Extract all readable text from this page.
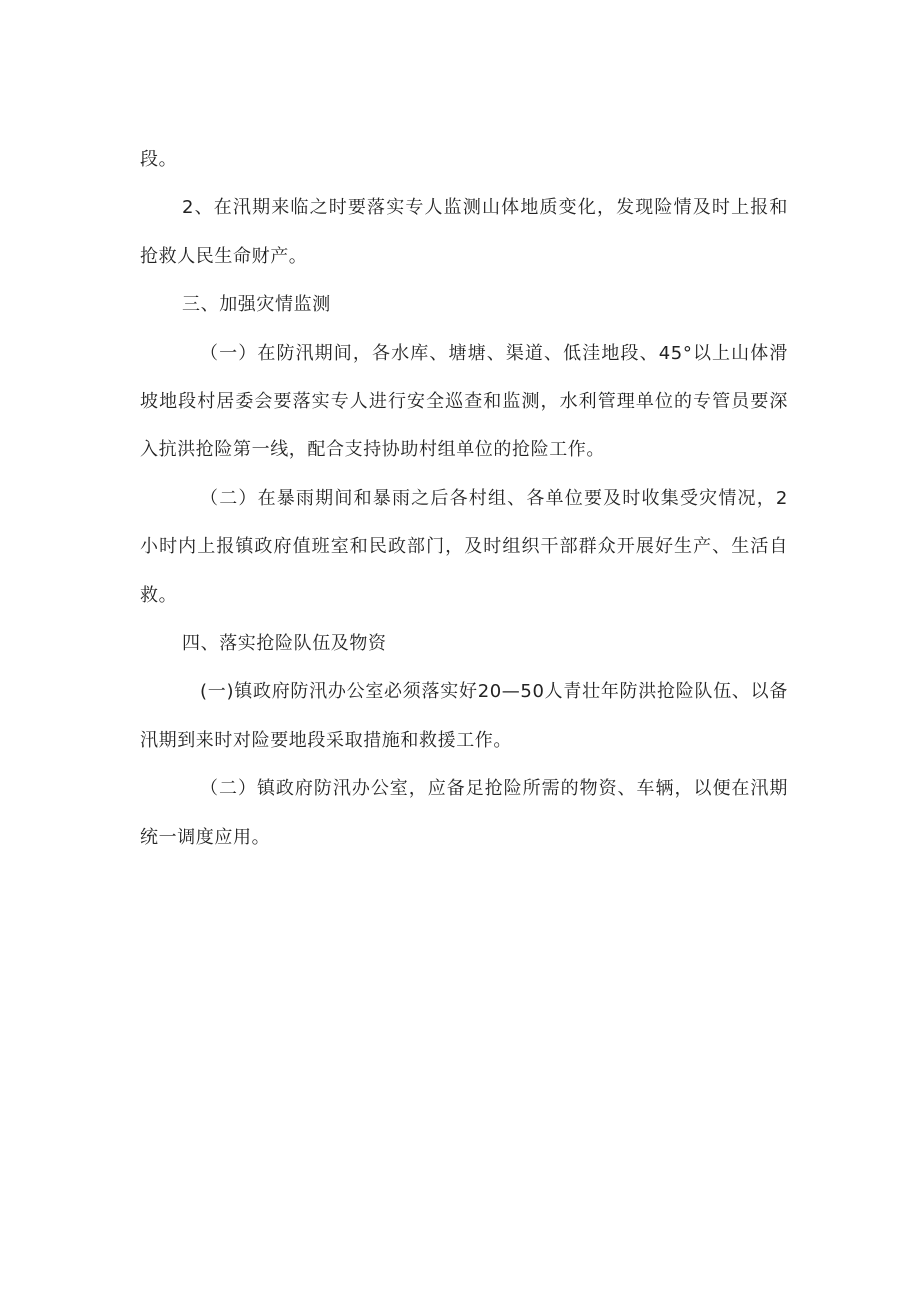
段。

2、在汛期来临之时要落实专人监测山体地质变化，发现险情及时上报和抢救人民生命财产。

三、加强灾情监测

（一）在防汛期间，各水库、塘塘、渠道、低洼地段、45°以上山体滑坡地段村居委会要落实专人进行安全巡查和监测，水利管理单位的专管员要深入抗洪抢险第一线，配合支持协助村组单位的抢险工作。

（二）在暴雨期间和暴雨之后各村组、各单位要及时收集受灾情况，2小时内上报镇政府值班室和民政部门，及时组织干部群众开展好生产、生活自救。

四、落实抢险队伍及物资

(一)镇政府防汛办公室必须落实好20—50人青壮年防洪抢险队伍、以备汛期到来时对险要地段采取措施和救援工作。

（二）镇政府防汛办公室，应备足抢险所需的物资、车辆，以便在汛期统一调度应用。
